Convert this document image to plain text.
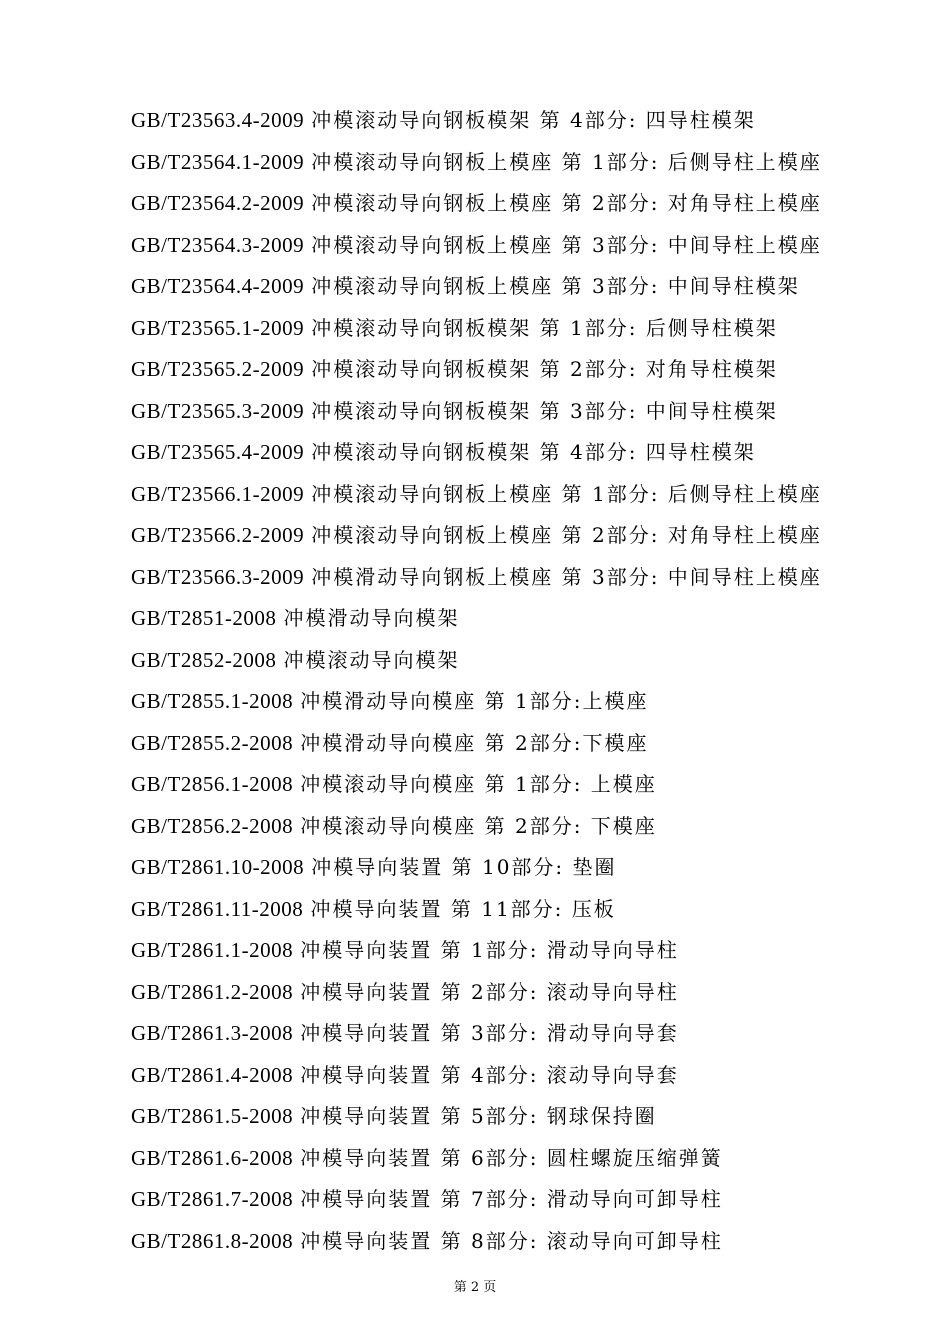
GB/T23563.4-2009 冲模滚动导向钢板模架 第 4部分: 四导柱模架
GB/T23564.1-2009 冲模滚动导向钢板上模座 第 1部分: 后侧导柱上模座
GB/T23564.2-2009 冲模滚动导向钢板上模座 第 2部分: 对角导柱上模座
GB/T23564.3-2009 冲模滚动导向钢板上模座 第 3部分: 中间导柱上模座
GB/T23564.4-2009 冲模滚动导向钢板上模座 第 3部分: 中间导柱模架
GB/T23565.1-2009 冲模滚动导向钢板模架 第 1部分: 后侧导柱模架
GB/T23565.2-2009 冲模滚动导向钢板模架 第 2部分: 对角导柱模架
GB/T23565.3-2009 冲模滚动导向钢板模架 第 3部分: 中间导柱模架
GB/T23565.4-2009 冲模滚动导向钢板模架 第 4部分: 四导柱模架
GB/T23566.1-2009 冲模滚动导向钢板上模座 第 1部分: 后侧导柱上模座
GB/T23566.2-2009 冲模滚动导向钢板上模座 第 2部分: 对角导柱上模座
GB/T23566.3-2009 冲模滑动导向钢板上模座 第 3部分: 中间导柱上模座
GB/T2851-2008 冲模滑动导向模架
GB/T2852-2008 冲模滚动导向模架
GB/T2855.1-2008 冲模滑动导向模座 第 1部分:上模座
GB/T2855.2-2008 冲模滑动导向模座 第 2部分:下模座
GB/T2856.1-2008 冲模滚动导向模座 第 1部分: 上模座
GB/T2856.2-2008 冲模滚动导向模座 第 2部分: 下模座
GB/T2861.10-2008 冲模导向装置 第 10部分: 垫圈
GB/T2861.11-2008 冲模导向装置 第 11部分: 压板
GB/T2861.1-2008 冲模导向装置 第 1部分: 滑动导向导柱
GB/T2861.2-2008 冲模导向装置 第 2部分: 滚动导向导柱
GB/T2861.3-2008 冲模导向装置 第 3部分: 滑动导向导套
GB/T2861.4-2008 冲模导向装置 第 4部分: 滚动导向导套
GB/T2861.5-2008 冲模导向装置 第 5部分: 钢球保持圈
GB/T2861.6-2008 冲模导向装置 第 6部分: 圆柱螺旋压缩弹簧
GB/T2861.7-2008 冲模导向装置 第 7部分: 滑动导向可卸导柱
GB/T2861.8-2008 冲模导向装置 第 8部分: 滚动导向可卸导柱
第 2 页
